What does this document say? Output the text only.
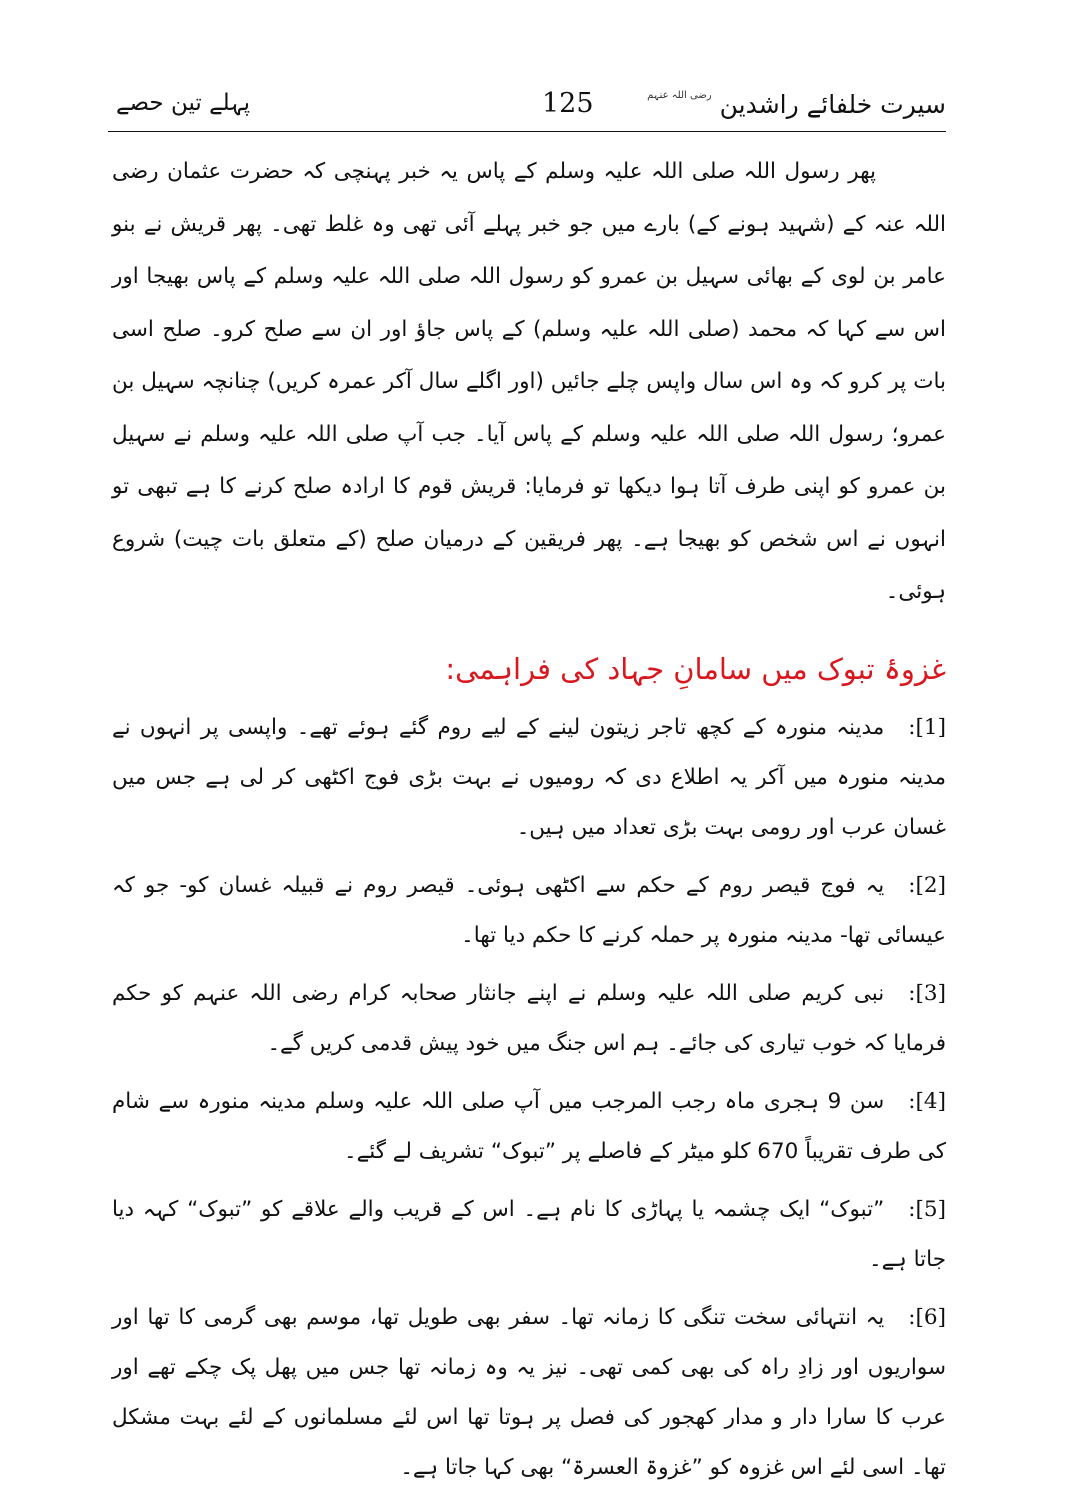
سیرت خلفائے راشدین $^{رضی اللہ عنہم}$
125
پہلے تین حصے

پھر رسول اللہ صلی اللہ علیہ وسلم کے پاس یہ خبر پہنچی کہ حضرت عثمان رضی اللہ عنہ کے (شہید ہونے کے) بارے میں جو خبر پہلے آئی تھی وہ غلط تھی۔ پھر قریش نے بنو عامر بن لوی کے بھائی سہیل بن عمرو کو رسول اللہ صلی اللہ علیہ وسلم کے پاس بھیجا اور اس سے کہا کہ محمد (صلی اللہ علیہ وسلم) کے پاس جاؤ اور ان سے صلح کرو۔ صلح اسی بات پر کرو کہ وہ اس سال واپس چلے جائیں (اور اگلے سال آکر عمرہ کریں) چنانچہ سہیل بن عمرو؛ رسول اللہ صلی اللہ علیہ وسلم کے پاس آیا۔ جب آپ صلی اللہ علیہ وسلم نے سہیل بن عمرو کو اپنی طرف آتا ہوا دیکھا تو فرمایا: قریش قوم کا ارادہ صلح کرنے کا ہے تبھی تو انہوں نے اس شخص کو بھیجا ہے۔ پھر فریقین کے درمیان صلح (کے متعلق بات چیت) شروع ہوئی۔

غزوۂ تبوک میں سامانِ جہاد کی فراہمی:

[1]:مدینہ منورہ کے کچھ تاجر زیتون لینے کے لیے روم گئے ہوئے تھے۔ واپسی پر انہوں نے مدینہ منورہ میں آکر یہ اطلاع دی کہ رومیوں نے بہت بڑی فوج اکٹھی کر لی ہے جس میں غسان عرب اور رومی بہت بڑی تعداد میں ہیں۔

[2]:یہ فوج قیصر روم کے حکم سے اکٹھی ہوئی۔ قیصر روم نے قبیلہ غسان کو- جو کہ عیسائی تھا- مدینہ منورہ پر حملہ کرنے کا حکم دیا تھا۔

[3]:نبی کریم صلی اللہ علیہ وسلم نے اپنے جانثار صحابہ کرام رضی اللہ عنہم کو حکم فرمایا کہ خوب تیاری کی جائے۔ ہم اس جنگ میں خود پیش قدمی کریں گے۔

[4]:سن 9 ہجری ماہ رجب المرجب میں آپ صلی اللہ علیہ وسلم مدینہ منورہ سے شام کی طرف تقریباً 670 کلو میٹر کے فاصلے پر ”تبوک“ تشریف لے گئے۔

[5]:”تبوک“ ایک چشمہ یا پہاڑی کا نام ہے۔ اس کے قریب والے علاقے کو ”تبوک“ کہہ دیا جاتا ہے۔

[6]:یہ انتہائی سخت تنگی کا زمانہ تھا۔ سفر بھی طویل تھا، موسم بھی گرمی کا تھا اور سواریوں اور زادِ راہ کی بھی کمی تھی۔ نیز یہ وہ زمانہ تھا جس میں پھل پک چکے تھے اور عرب کا سارا دار و مدار کھجور کی فصل پر ہوتا تھا اس لئے مسلمانوں کے لئے بہت مشکل تھا۔ اسی لئے اس غزوہ کو ”غزوۃ العسرۃ“ بھی کہا جاتا ہے۔
